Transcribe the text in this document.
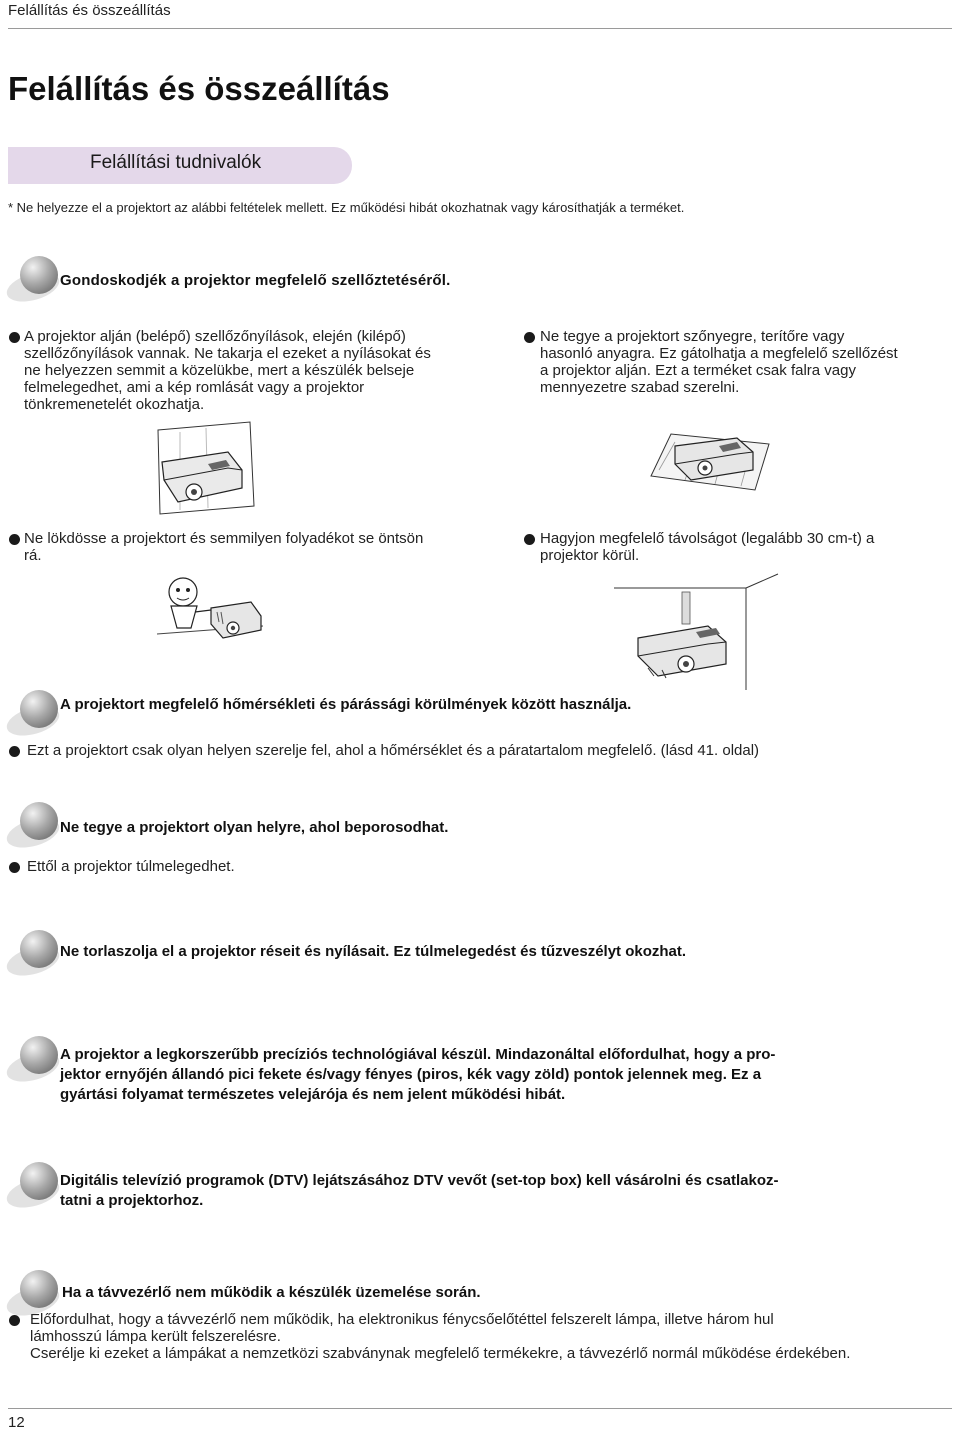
Felállítás és összeállítás
Felállítás és összeállítás
Felállítási tudnivalók
* Ne helyezze el a projektort az alábbi feltételek mellett. Ez működési hibát okozhatnak vagy károsíthatják a terméket.
Gondoskodjék a projektor megfelelő szellőztetéséről.
A projektor alján (belépő) szellőzőnyílások, elején (kilépő) szellőzőnyílások vannak. Ne takarja el ezeket a nyílásokat és ne helyezzen semmit a közelükbe, mert a készülék belseje felmelegedhet, ami a kép romlását vagy a projektor tönkremenetelét okozhatja.
Ne tegye a projektort szőnyegre, terítőre vagy hasonló anyagra. Ez gátolhatja a megfelelő szellőzést a projektor alján. Ezt a terméket csak falra vagy mennyezetre szabad szerelni.
Ne lökdösse a projektort és semmilyen folyadékot se öntsön rá.
Hagyjon megfelelő távolságot (legalább 30 cm-t) a projektor körül.
A projektort megfelelő hőmérsékleti és párássági körülmények között használja.
Ezt a projektort csak olyan helyen szerelje fel, ahol a hőmérséklet és a páratartalom megfelelő. (lásd 41. oldal)
Ne tegye a projektort olyan helyre, ahol beporosodhat.
Ettől a projektor túlmelegedhet.
Ne torlaszolja el a projektor réseit és nyílásait. Ez túlmelegedést és tűzveszélyt okozhat.
A projektor a legkorszerűbb precíziós technológiával készül. Mindazonáltal előfordulhat, hogy a pro-
jektor ernyőjén állandó pici fekete és/vagy fényes (piros, kék vagy zöld) pontok jelennek meg. Ez a
gyártási folyamat természetes velejárója és nem jelent működési hibát.
Digitális televízió programok (DTV) lejátszásához DTV vevőt (set-top box) kell vásárolni és csatlakoz-
tatni a projektorhoz.
Ha a távvezérlő nem működik a készülék üzemelése során.
Előfordulhat, hogy a távvezérlő nem működik, ha elektronikus fénycsőelőtéttel felszerelt lámpa, illetve három hul
lámhosszú lámpa került felszerelésre.
Cserélje ki ezeket a lámpákat a nemzetközi szabványnak megfelelő termékekre, a távvezérlő normál működése érdekében.
12
